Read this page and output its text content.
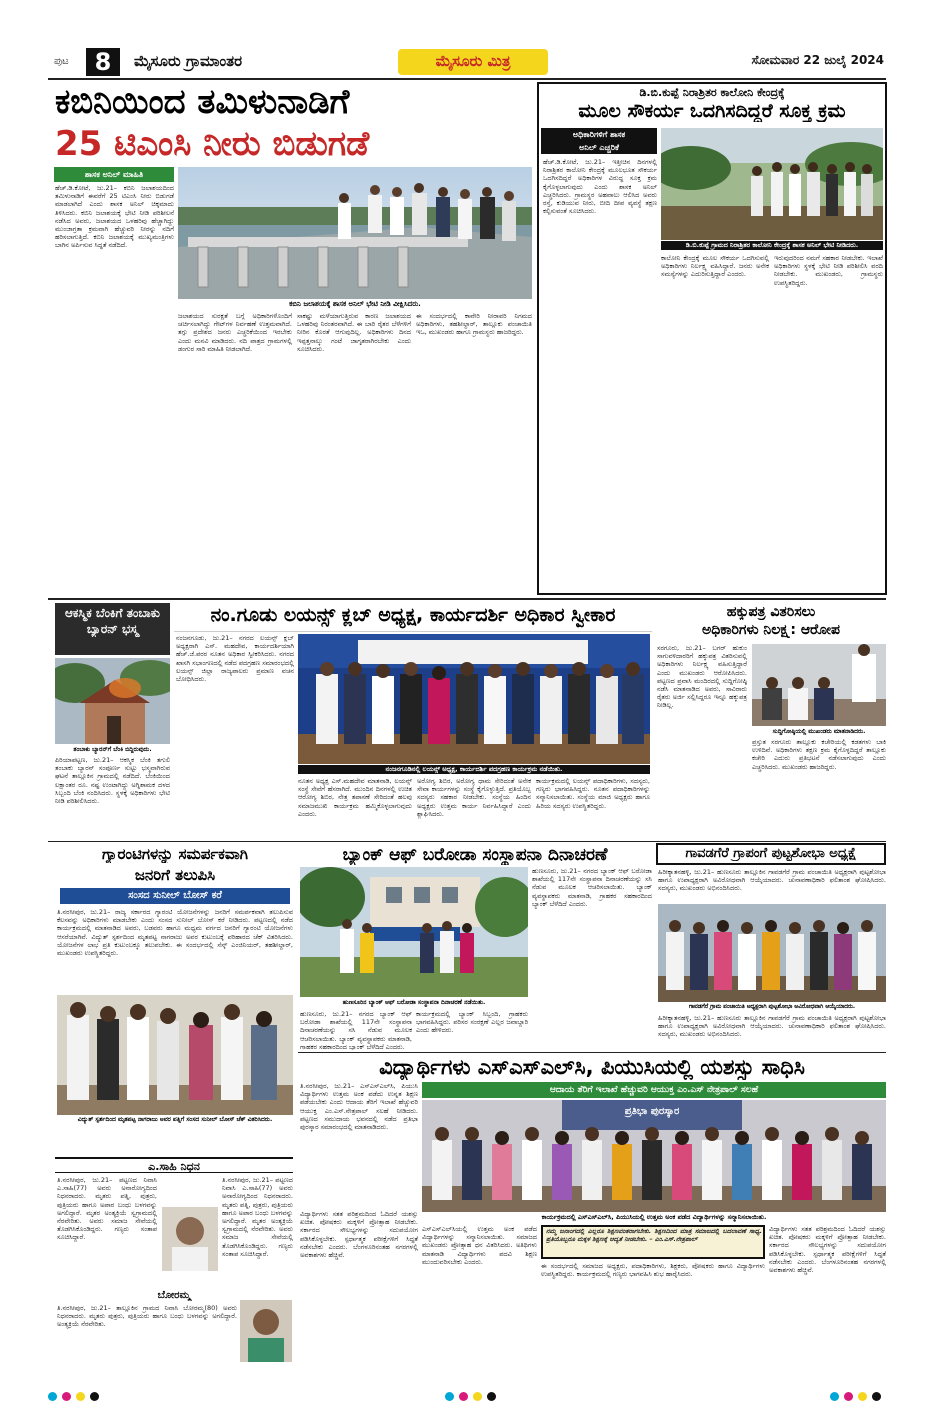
ಪುಟ	8	ಮೈಸೂರು ಗ್ರಾಮಾಂತರ	ಮೈಸೂರು ಮಿತ್ರ	ಸೋಮವಾರ 22 ಜುಲೈ 2024
ಕಬಿನಿಯಿಂದ ತಮಿಳುನಾಡಿಗೆ
25 ಟಿಎಂಸಿ ನೀರು ಬಿಡುಗಡೆ
ಶಾಸಕ ಅನಿಲ್ ಮಾಹಿತಿ
ಹೆಚ್.ಡಿ.ಕೋಟೆ, ಜು.21– ಕಬಿನಿ ಜಲಾಶಯದಿಂದ ತಮಿಳುನಾಡಿಗೆ ಈವರೆಗೆ 25 ಟಿಎಂಸಿ ನೀರು ಬಿಡುಗಡೆ ಮಾಡಲಾಗಿದೆ ಎಂದು ಶಾಸಕ ಅನಿಲ್ ಚಿಕ್ಕಮಾದು ತಿಳಿಸಿದರು. ಕಬಿನಿ ಜಲಾಶಯಕ್ಕೆ ಭೇಟಿ ನೀಡಿ ಪರಿಶೀಲನೆ ನಡೆಸಿದ ಅವರು, ಜಲಾಶಯದ ಒಳಹರಿವು ಹೆಚ್ಚಾಗಿದ್ದು ಮುಂಜಾಗ್ರತಾ ಕ್ರಮವಾಗಿ ಹೆಚ್ಚುವರಿ ನೀರನ್ನು ನದಿಗೆ ಹರಿಸಲಾಗುತ್ತಿದೆ. ಕಬಿನಿ ಜಲಾಶಯಕ್ಕೆ ಮುಖ್ಯಮಂತ್ರಿಗಳು ಬಾಗಿನ ಅರ್ಪಿಸುವ ಸಿದ್ಧತೆ ನಡೆದಿದೆ.
ಕಬಿನಿ ಜಲಾಶಯಕ್ಕೆ ಶಾಸಕ ಅನಿಲ್ ಭೇಟಿ ನೀಡಿ ವೀಕ್ಷಿಸಿದರು.
ಜಲಾಶಯದ ಸುರಕ್ಷತೆ ಬಗ್ಗೆ ಅಧಿಕಾರಿಗಳೊಂದಿಗೆ ಚರ್ಚಿಸಲಾಗಿದ್ದು ಗೇಟ್‌ಗಳ ನಿರ್ವಹಣೆ ಉತ್ತಮವಾಗಿದೆ. ತಗ್ಗು ಪ್ರದೇಶದ ಜನರು ಎಚ್ಚರಿಕೆಯಿಂದ ಇರಬೇಕು ಎಂದು ಮನವಿ ಮಾಡಿದರು. ನದಿ ಪಾತ್ರದ ಗ್ರಾಮಗಳಲ್ಲಿ ಡಂಗುರ ಸಾರಿ ಮಾಹಿತಿ ನೀಡಲಾಗಿದೆ.
ಸಾಕಷ್ಟು ಮಳೆಯಾಗುತ್ತಿರುವ ಕಾರಣ ಜಲಾಶಯದ ಒಳಹರಿವು ನಿರಂತರವಾಗಿದೆ. ಈ ಬಾರಿ ರೈತರ ಬೆಳೆಗಳಿಗೆ ನೀರಿನ ಕೊರತೆ ಆಗುವುದಿಲ್ಲ. ಅಧಿಕಾರಿಗಳು ದಿನದ ಇಪ್ಪತ್ತನಾಲ್ಕು ಗಂಟೆ ಜಾಗೃತರಾಗಿರಬೇಕು ಎಂದು ಸೂಚಿಸಿದರು.
ಈ ಸಂದರ್ಭದಲ್ಲಿ ಕಾವೇರಿ ನೀರಾವರಿ ನಿಗಮದ ಅಧಿಕಾರಿಗಳು, ತಹಶೀಲ್ದಾರ್, ತಾಲ್ಲೂಕು ಪಂಚಾಯಿತಿ ಇಒ, ಮುಖಂಡರು ಹಾಗೂ ಗ್ರಾಮಸ್ಥರು ಹಾಜರಿದ್ದರು.
ಡಿ.ಬಿ.ಕುಪ್ಪೆ ನಿರಾಶ್ರಿತರ ಕಾಲೋನಿ ಕೇಂದ್ರಕ್ಕೆ
ಮೂಲ ಸೌಕರ್ಯ ಒದಗಿಸದಿದ್ದರೆ ಸೂಕ್ತ ಕ್ರಮ
ಅಧಿಕಾರಿಗಳಿಗೆ ಶಾಸಕ
ಅನಿಲ್ ಎಚ್ಚರಿಕೆ
ಹೆಚ್.ಡಿ.ಕೋಟೆ, ಜು.21– ಇತ್ತೀಚಿನ ದಿನಗಳಲ್ಲಿ ನಿರಾಶ್ರಿತರ ಕಾಲೋನಿ ಕೇಂದ್ರಕ್ಕೆ ಮೂಲಭೂತ ಸೌಕರ್ಯ ಒದಗಿಸದಿದ್ದರೆ ಅಧಿಕಾರಿಗಳ ವಿರುದ್ಧ ಸೂಕ್ತ ಕ್ರಮ ಕೈಗೊಳ್ಳಲಾಗುವುದು ಎಂದು ಶಾಸಕ ಅನಿಲ್ ಎಚ್ಚರಿಸಿದರು. ಗ್ರಾಮಸ್ಥರ ಅಹವಾಲು ಆಲಿಸಿದ ಅವರು ರಸ್ತೆ, ಕುಡಿಯುವ ನೀರು, ಬೀದಿ ದೀಪ ವ್ಯವಸ್ಥೆ ತಕ್ಷಣ ಕಲ್ಪಿಸುವಂತೆ ಸೂಚಿಸಿದರು.
ಡಿ.ಬಿ.ಕುಪ್ಪೆ ಗ್ರಾಮದ ನಿರಾಶ್ರಿತರ ಕಾಲೋನಿ ಕೇಂದ್ರಕ್ಕೆ ಶಾಸಕ ಅನಿಲ್ ಭೇಟಿ ನೀಡಿದರು.
ಕಾಲೋನಿ ಕೇಂದ್ರಕ್ಕೆ ಮೂಲ ಸೌಕರ್ಯ ಒದಗಿಸುವಲ್ಲಿ ಅಧಿಕಾರಿಗಳು ನಿರ್ಲಕ್ಷ್ಯ ವಹಿಸಿದ್ದಾರೆ. ಜನರು ಅನೇಕ ಸಮಸ್ಯೆಗಳನ್ನು ಎದುರಿಸುತ್ತಿದ್ದಾರೆ ಎಂದರು.
ಇರುವುದರಿಂದ ನಮಗೆ ಸಹಕಾರ ನೀಡಬೇಕು. ಇಲಾಖೆ ಅಧಿಕಾರಿಗಳು ಸ್ಥಳಕ್ಕೆ ಭೇಟಿ ನೀಡಿ ಪರಿಶೀಲಿಸಿ ವರದಿ ನೀಡಬೇಕು. ಮುಖಂಡರು, ಗ್ರಾಮಸ್ಥರು ಉಪಸ್ಥಿತರಿದ್ದರು.
ಆಕಸ್ಮಿಕ ಬೆಂಕಿಗೆ ತಂಬಾಕು ಬ್ಯಾರನ್ ಭಸ್ಮ
ತಂಬಾಕು ಬ್ಯಾರನ್‌ಗೆ ಬೆಂಕಿ ಬಿದ್ದಿರುವುದು.
ಪಿರಿಯಾಪಟ್ಟಣ, ಜು.21– ಆಕಸ್ಮಿಕ ಬೆಂಕಿ ತಗುಲಿ ತಂಬಾಕು ಬ್ಯಾರನ್ ಸಂಪೂರ್ಣ ಸುಟ್ಟು ಭಸ್ಮವಾಗಿರುವ ಘಟನೆ ತಾಲ್ಲೂಕಿನ ಗ್ರಾಮದಲ್ಲಿ ನಡೆದಿದೆ. ಬೆಂಕಿಯಿಂದ ಲಕ್ಷಾಂತರ ರೂ. ನಷ್ಟ ಉಂಟಾಗಿದ್ದು ಅಗ್ನಿಶಾಮಕ ದಳದ ಸಿಬ್ಬಂದಿ ಬೆಂಕಿ ನಂದಿಸಿದರು. ಸ್ಥಳಕ್ಕೆ ಅಧಿಕಾರಿಗಳು ಭೇಟಿ ನೀಡಿ ಪರಿಶೀಲಿಸಿದರು.
ನಂ.ಗೂಡು ಲಯನ್ಸ್ ಕ್ಲಬ್ ಅಧ್ಯಕ್ಷ, ಕಾರ್ಯದರ್ಶಿ ಅಧಿಕಾರ ಸ್ವೀಕಾರ
ನಂಜನಗೂಡು, ಜು.21– ನಗರದ ಲಯನ್ಸ್ ಕ್ಲಬ್ ಅಧ್ಯಕ್ಷರಾಗಿ ಎಸ್. ಮಹದೇವ, ಕಾರ್ಯದರ್ಶಿಯಾಗಿ ಹೆಚ್.ಜೆ.ಪರರ ನೂತನ ಅಧಿಕಾರ ಸ್ವೀಕರಿಸಿದರು. ನಗರದ ಖಾಸಗಿ ಸಭಾಂಗಣದಲ್ಲಿ ನಡೆದ ಪದಗ್ರಹಣ ಸಮಾರಂಭದಲ್ಲಿ ಲಯನ್ಸ್ ಜಿಲ್ಲಾ ರಾಜ್ಯಪಾಲರು ಪ್ರಮಾಣ ವಚನ ಬೋಧಿಸಿದರು.
ನಂಜನಗೂಡಿನಲ್ಲಿ ಲಯನ್ಸ್ ಅಧ್ಯಕ್ಷ, ಕಾರ್ಯದರ್ಶಿ ಪದಗ್ರಹಣ ಕಾರ್ಯಕ್ರಮ ನಡೆಯಿತು.
ನೂತನ ಅಧ್ಯಕ್ಷ ಎಸ್.ಮಹದೇವ ಮಾತನಾಡಿ, ಲಯನ್ಸ್ ಸಂಸ್ಥೆ ಸೇವೆಗೆ ಹೆಸರಾಗಿದೆ. ಮುಂದಿನ ದಿನಗಳಲ್ಲಿ ಉಚಿತ ಆರೋಗ್ಯ ಶಿಬಿರ, ನೇತ್ರ ತಪಾಸಣೆ ಸೇರಿದಂತೆ ಹಲವು ಸಮಾಜಮುಖಿ ಕಾರ್ಯಕ್ರಮ ಹಮ್ಮಿಕೊಳ್ಳಲಾಗುವುದು ಎಂದರು.
ಅರೋಗ್ಯ ಶಿಬಿರ, ಅರೋಗ್ಯ ಧಾಮ ಸೇರಿದಂತೆ ಅನೇಕ ಸೇವಾ ಕಾರ್ಯಗಳನ್ನು ಸಂಸ್ಥೆ ಕೈಗೊಳ್ಳುತ್ತಿದೆ. ಪ್ರತಿಯೊಬ್ಬ ಸದಸ್ಯರು ಸಹಕಾರ ನೀಡಬೇಕು. ಸಂಸ್ಥೆಯ ಹಿಂದಿನ ಅಧ್ಯಕ್ಷರು ಉತ್ತಮ ಕಾರ್ಯ ನಿರ್ವಹಿಸಿದ್ದಾರೆ ಎಂದು ಶ್ಲಾಘಿಸಿದರು.
ಕಾರ್ಯಕ್ರಮದಲ್ಲಿ ಲಯನ್ಸ್ ಪದಾಧಿಕಾರಿಗಳು, ಸದಸ್ಯರು, ಗಣ್ಯರು ಭಾಗವಹಿಸಿದ್ದರು. ನೂತನ ಪದಾಧಿಕಾರಿಗಳನ್ನು ಸನ್ಮಾನಿಸಲಾಯಿತು. ಸಂಸ್ಥೆಯ ಮಾಜಿ ಅಧ್ಯಕ್ಷರು ಹಾಗೂ ಹಿರಿಯ ಸದಸ್ಯರು ಉಪಸ್ಥಿತರಿದ್ದರು.
ಹಕ್ಕುಪತ್ರ ವಿತರಿಸಲು
ಅಧಿಕಾರಿಗಳು ನಿಲಕ್ಷ್ಯ: ಆರೋಪ
ಸರಗೂರು, ಜು.21– ಬಗರ್ ಹುಕುಂ ಸಾಗುವಳಿದಾರರಿಗೆ ಹಕ್ಕುಪತ್ರ ವಿತರಿಸುವಲ್ಲಿ ಅಧಿಕಾರಿಗಳು ನಿರ್ಲಕ್ಷ್ಯ ವಹಿಸುತ್ತಿದ್ದಾರೆ ಎಂದು ಮುಖಂಡರು ಆರೋಪಿಸಿದರು. ಪಟ್ಟಣದ ಪ್ರವಾಸಿ ಮಂದಿರದಲ್ಲಿ ಸುದ್ದಿಗೋಷ್ಠಿ ನಡೆಸಿ ಮಾತನಾಡಿದ ಅವರು, ಸಾವಿರಾರು ರೈತರು ಅರ್ಜಿ ಸಲ್ಲಿಸಿದ್ದರೂ ಇನ್ನೂ ಹಕ್ಕುಪತ್ರ ನೀಡಿಲ್ಲ.
ಸುದ್ದಿಗೋಷ್ಠಿಯಲ್ಲಿ ಮುಖಂಡರು ಮಾತನಾಡಿದರು.
ಪ್ರಸ್ತುತ ಸರಗೂರು ತಾಲ್ಲೂಕು ಕಚೇರಿಯಲ್ಲಿ ಕಡತಗಳು ಬಾಕಿ ಉಳಿದಿವೆ. ಅಧಿಕಾರಿಗಳು ತಕ್ಷಣ ಕ್ರಮ ಕೈಗೊಳ್ಳದಿದ್ದರೆ ತಾಲ್ಲೂಕು ಕಚೇರಿ ಎದುರು ಪ್ರತಿಭಟನೆ ನಡೆಸಲಾಗುವುದು ಎಂದು ಎಚ್ಚರಿಸಿದರು. ಮುಖಂಡರು ಹಾಜರಿದ್ದರು.
ಗ್ಯಾರಂಟಿಗಳನ್ನು ಸಮರ್ಪಕವಾಗಿ
ಜನರಿಗೆ ತಲುಪಿಸಿ
ಸಂಸದ ಸುನೀಲ್ ಬೋಸ್ ಕರೆ
ತಿ.ನರಸೀಪುರ, ಜು.21– ರಾಜ್ಯ ಸರ್ಕಾರದ ಗ್ಯಾರಂಟಿ ಯೋಜನೆಗಳನ್ನು ಜನರಿಗೆ ಸಮರ್ಪಕವಾಗಿ ತಲುಪಿಸುವ ಕೆಲಸವನ್ನು ಅಧಿಕಾರಿಗಳು ಮಾಡಬೇಕು ಎಂದು ಸಂಸದ ಸುನೀಲ್ ಬೋಸ್ ಕರೆ ನೀಡಿದರು. ಪಟ್ಟಣದಲ್ಲಿ ನಡೆದ ಕಾರ್ಯಕ್ರಮದಲ್ಲಿ ಮಾತನಾಡಿದ ಅವರು, ಬಡವರು ಹಾಗೂ ಮಧ್ಯಮ ವರ್ಗದ ಜನರಿಗೆ ಗ್ಯಾರಂಟಿ ಯೋಜನೆಗಳು ಆಸರೆಯಾಗಿವೆ. ವಿದ್ಯುತ್ ಸ್ಪರ್ಶದಿಂದ ಮೃತಪಟ್ಟ ನಾಗರಾಜು ಅವರ ಕುಟುಂಬಕ್ಕೆ ಪರಿಹಾರದ ಚೆಕ್ ವಿತರಿಸಿದರು. ಯೋಜನೆಗಳ ಲಾಭ ಪ್ರತಿ ಕುಟುಂಬಕ್ಕೂ ತಲುಪಬೇಕು. ಈ ಸಂದರ್ಭದಲ್ಲಿ ಸೆಸ್ಕ್ ಎಂಜಿನಿಯರ್, ತಹಶೀಲ್ದಾರ್, ಮುಖಂಡರು ಉಪಸ್ಥಿತರಿದ್ದರು.
ವಿದ್ಯುತ್ ಸ್ಪರ್ಶದಿಂದ ಮೃತಪಟ್ಟ ನಾಗರಾಜು ಅವರ ಪತ್ನಿಗೆ ಸಂಸದ ಸುನೀಲ್ ಬೋಸ್ ಚೆಕ್ ವಿತರಿಸಿದರು.
ಬ್ಯಾಂಕ್ ಆಫ್ ಬರೋಡಾ ಸಂಸ್ಥಾಪನಾ ದಿನಾಚರಣೆ
ಹುಣಸೂರಿನ ಬ್ಯಾಂಕ್ ಆಫ್ ಬರೋಡಾ ಸಂಸ್ಥಾಪನಾ ದಿನಾಚರಣೆ ನಡೆಯಿತು.
ಹುಣಸೂರು, ಜು.21– ನಗರದ ಬ್ಯಾಂಕ್ ಆಫ್ ಬರೋಡಾ ಶಾಖೆಯಲ್ಲಿ 117ನೇ ಸಂಸ್ಥಾಪನಾ ದಿನಾಚರಣೆಯನ್ನು ಸಸಿ ನೆಡುವ ಮೂಲಕ ಆಚರಿಸಲಾಯಿತು. ಬ್ಯಾಂಕ್ ವ್ಯವಸ್ಥಾಪಕರು ಮಾತನಾಡಿ, ಗ್ರಾಹಕರ ಸಹಕಾರದಿಂದ ಬ್ಯಾಂಕ್ ಬೆಳೆದಿದೆ ಎಂದರು.
ಕಾರ್ಯಕ್ರಮದಲ್ಲಿ ಬ್ಯಾಂಕ್ ಸಿಬ್ಬಂದಿ, ಗ್ರಾಹಕರು ಭಾಗವಹಿಸಿದ್ದರು. ಪರಿಸರ ಸಂರಕ್ಷಣೆ ಎಲ್ಲರ ಜವಾಬ್ದಾರಿ ಎಂದು ಹೇಳಿದರು.
ಹುಣಸೂರು, ಜು.21– ನಗರದ ಬ್ಯಾಂಕ್ ಆಫ್ ಬರೋಡಾ ಶಾಖೆಯಲ್ಲಿ 117ನೇ ಸಂಸ್ಥಾಪನಾ ದಿನಾಚರಣೆಯನ್ನು ಸಸಿ ನೆಡುವ ಮೂಲಕ ಆಚರಿಸಲಾಯಿತು. ಬ್ಯಾಂಕ್ ವ್ಯವಸ್ಥಾಪಕರು ಮಾತನಾಡಿ, ಗ್ರಾಹಕರ ಸಹಕಾರದಿಂದ ಬ್ಯಾಂಕ್ ಬೆಳೆದಿದೆ ಎಂದರು.
ಗಾವಡಗೆರೆ ಗ್ರಾಪಂಗೆ ಪುಟ್ಟಶೋಭಾ ಅಧ್ಯಕ್ಷೆ
ಹಿರೀಕ್ಯಾತನಹಳ್ಳಿ, ಜು.21– ಹುಣಸೂರು ತಾಲ್ಲೂಕಿನ ಗಾವಡಗೆರೆ ಗ್ರಾಮ ಪಂಚಾಯಿತಿ ಅಧ್ಯಕ್ಷರಾಗಿ ಪುಟ್ಟಶೋಭಾ ಹಾಗೂ ಉಪಾಧ್ಯಕ್ಷರಾಗಿ ಅವಿರೋಧವಾಗಿ ಆಯ್ಕೆಯಾದರು. ಚುನಾವಣಾಧಿಕಾರಿ ಫಲಿತಾಂಶ ಘೋಷಿಸಿದರು. ಸದಸ್ಯರು, ಮುಖಂಡರು ಅಭಿನಂದಿಸಿದರು.
ಗಾವಡಗೆರೆ ಗ್ರಾಮ ಪಂಚಾಯಿತಿ ಅಧ್ಯಕ್ಷರಾಗಿ ಪುಟ್ಟಶೋಭಾ ಅವಿರೋಧವಾಗಿ ಆಯ್ಕೆಯಾದರು.
ಹಿರೀಕ್ಯಾತನಹಳ್ಳಿ, ಜು.21– ಹುಣಸೂರು ತಾಲ್ಲೂಕಿನ ಗಾವಡಗೆರೆ ಗ್ರಾಮ ಪಂಚಾಯಿತಿ ಅಧ್ಯಕ್ಷರಾಗಿ ಪುಟ್ಟಶೋಭಾ ಹಾಗೂ ಉಪಾಧ್ಯಕ್ಷರಾಗಿ ಅವಿರೋಧವಾಗಿ ಆಯ್ಕೆಯಾದರು. ಚುನಾವಣಾಧಿಕಾರಿ ಫಲಿತಾಂಶ ಘೋಷಿಸಿದರು. ಸದಸ್ಯರು, ಮುಖಂಡರು ಅಭಿನಂದಿಸಿದರು.
ವಿದ್ಯಾರ್ಥಿಗಳು ಎಸ್‌ಎಸ್‌ಎಲ್‌ಸಿ, ಪಿಯುಸಿಯಲ್ಲಿ ಯಶಸ್ಸು ಸಾಧಿಸಿ
ತಿ.ನರಸೀಪುರ, ಜು.21– ಎಸ್‌ಎಸ್‌ಎಲ್‌ಸಿ, ಪಿಯುಸಿ ವಿದ್ಯಾರ್ಥಿಗಳು ಉತ್ತಮ ಅಂಕ ಪಡೆದು ಉನ್ನತ ಶಿಕ್ಷಣ ಪಡೆಯಬೇಕು ಎಂದು ಆದಾಯ ತೆರಿಗೆ ಇಲಾಖೆ ಹೆಚ್ಚುವರಿ ಆಯುಕ್ತ ಎಂ.ಎಸ್.ನೇತ್ರಪಾಲ್ ಸಲಹೆ ನೀಡಿದರು. ಪಟ್ಟಣದ ಸಮುದಾಯ ಭವನದಲ್ಲಿ ನಡೆದ ಪ್ರತಿಭಾ ಪುರಸ್ಕಾರ ಸಮಾರಂಭದಲ್ಲಿ ಮಾತನಾಡಿದರು.
ಆದಾಯ ತೆರಿಗೆ ಇಲಾಖೆ ಹೆಚ್ಚುವರಿ ಆಯುಕ್ತ ಎಂ.ಎಸ್ ನೇತ್ರಪಾಲ್ ಸಲಹೆ
ಪ್ರತಿಭಾ ಪುರಸ್ಕಾರ
ಕಾರ್ಯಕ್ರಮದಲ್ಲಿ ಎಸ್‌ಎಸ್‌ಎಲ್‌ಸಿ, ಪಿಯುಸಿಯಲ್ಲಿ ಉತ್ತಮ ಅಂಕ ಪಡೆದ ವಿದ್ಯಾರ್ಥಿಗಳನ್ನು ಸನ್ಮಾನಿಸಲಾಯಿತು.
ವಿದ್ಯಾರ್ಥಿಗಳು ಸತತ ಪರಿಶ್ರಮದಿಂದ ಓದಿದರೆ ಯಶಸ್ಸು ಖಚಿತ. ಪೋಷಕರು ಮಕ್ಕಳಿಗೆ ಪ್ರೋತ್ಸಾಹ ನೀಡಬೇಕು. ಸರ್ಕಾರದ ಸೌಲಭ್ಯಗಳನ್ನು ಸದುಪಯೋಗ ಪಡಿಸಿಕೊಳ್ಳಬೇಕು. ಸ್ಪರ್ಧಾತ್ಮಕ ಪರೀಕ್ಷೆಗಳಿಗೆ ಸಿದ್ಧತೆ ನಡೆಸಬೇಕು ಎಂದರು. ಬೆಂಗಳೂರಿನಂತಹ ನಗರಗಳಲ್ಲಿ ಅವಕಾಶಗಳು ಹೆಚ್ಚಿವೆ.
ನಮ್ಮ ಜನಾಂಗದಲ್ಲಿ ಎಲ್ಲರೂ ಶಿಕ್ಷಣವಂತರಾಗಬೇಕು. ಶಿಕ್ಷಣದಿಂದ ಮಾತ್ರ ಸಮಾಜದಲ್ಲಿ ಬದಲಾವಣೆ ಸಾಧ್ಯ. ಪ್ರತಿಯೊಬ್ಬರೂ ಮಕ್ಕಳ ಶಿಕ್ಷಣಕ್ಕೆ ಆದ್ಯತೆ ನೀಡಬೇಕು. – ಎಂ.ಎಸ್.ನೇತ್ರಪಾಲ್
ಎಸ್‌ಎಸ್‌ಎಲ್‌ಸಿಯಲ್ಲಿ ಉತ್ತಮ ಅಂಕ ಪಡೆದ ವಿದ್ಯಾರ್ಥಿಗಳನ್ನು ಸನ್ಮಾನಿಸಲಾಯಿತು. ಸಮಾಜದ ಮುಖಂಡರು ಪ್ರೋತ್ಸಾಹ ಧನ ವಿತರಿಸಿದರು. ಅತಿಥಿಗಳು ಮಾತನಾಡಿ ವಿದ್ಯಾರ್ಥಿಗಳು ಪದವಿ ಶಿಕ್ಷಣ ಮುಂದುವರಿಸಬೇಕು ಎಂದರು.
ಈ ಸಂದರ್ಭದಲ್ಲಿ ಸಮಾಜದ ಅಧ್ಯಕ್ಷರು, ಪದಾಧಿಕಾರಿಗಳು, ಶಿಕ್ಷಕರು, ಪೋಷಕರು ಹಾಗೂ ವಿದ್ಯಾರ್ಥಿಗಳು ಉಪಸ್ಥಿತರಿದ್ದರು. ಕಾರ್ಯಕ್ರಮದಲ್ಲಿ ಗಣ್ಯರು ಭಾಗವಹಿಸಿ ಶುಭ ಹಾರೈಸಿದರು.
ವಿದ್ಯಾರ್ಥಿಗಳು ಸತತ ಪರಿಶ್ರಮದಿಂದ ಓದಿದರೆ ಯಶಸ್ಸು ಖಚಿತ. ಪೋಷಕರು ಮಕ್ಕಳಿಗೆ ಪ್ರೋತ್ಸಾಹ ನೀಡಬೇಕು. ಸರ್ಕಾರದ ಸೌಲಭ್ಯಗಳನ್ನು ಸದುಪಯೋಗ ಪಡಿಸಿಕೊಳ್ಳಬೇಕು. ಸ್ಪರ್ಧಾತ್ಮಕ ಪರೀಕ್ಷೆಗಳಿಗೆ ಸಿದ್ಧತೆ ನಡೆಸಬೇಕು ಎಂದರು. ಬೆಂಗಳೂರಿನಂತಹ ನಗರಗಳಲ್ಲಿ ಅವಕಾಶಗಳು ಹೆಚ್ಚಿವೆ.
ಎ.ಸಾಹಿ ನಿಧನ
ತಿ.ನರಸೀಪುರ, ಜು.21– ಪಟ್ಟಣದ ನಿವಾಸಿ ಎ.ಸಾಹಿ(77) ಅವರು ಅನಾರೋಗ್ಯದಿಂದ ನಿಧನರಾದರು. ಮೃತರು ಪತ್ನಿ, ಪುತ್ರರು, ಪುತ್ರಿಯರು ಹಾಗೂ ಅಪಾರ ಬಂಧು ಬಳಗವನ್ನು ಅಗಲಿದ್ದಾರೆ. ಮೃತರ ಅಂತ್ಯಕ್ರಿಯೆ ಸ್ವಗ್ರಾಮದಲ್ಲಿ ನೆರವೇರಿತು. ಅವರು ಸಮಾಜ ಸೇವೆಯಲ್ಲಿ ತೊಡಗಿಸಿಕೊಂಡಿದ್ದರು. ಗಣ್ಯರು ಸಂತಾಪ ಸೂಚಿಸಿದ್ದಾರೆ.
ತಿ.ನರಸೀಪುರ, ಜು.21– ಪಟ್ಟಣದ ನಿವಾಸಿ ಎ.ಸಾಹಿ(77) ಅವರು ಅನಾರೋಗ್ಯದಿಂದ ನಿಧನರಾದರು. ಮೃತರು ಪತ್ನಿ, ಪುತ್ರರು, ಪುತ್ರಿಯರು ಹಾಗೂ ಅಪಾರ ಬಂಧು ಬಳಗವನ್ನು ಅಗಲಿದ್ದಾರೆ. ಮೃತರ ಅಂತ್ಯಕ್ರಿಯೆ ಸ್ವಗ್ರಾಮದಲ್ಲಿ ನೆರವೇರಿತು. ಅವರು ಸಮಾಜ ಸೇವೆಯಲ್ಲಿ ತೊಡಗಿಸಿಕೊಂಡಿದ್ದರು. ಗಣ್ಯರು ಸಂತಾಪ ಸೂಚಿಸಿದ್ದಾರೆ.
ಬೋರಮ್ಮ
ತಿ.ನರಸೀಪುರ, ಜು.21– ತಾಲ್ಲೂಕಿನ ಗ್ರಾಮದ ನಿವಾಸಿ ಬೋರಮ್ಮ(80) ಅವರು ನಿಧನರಾದರು. ಮೃತರು ಪುತ್ರರು, ಪುತ್ರಿಯರು ಹಾಗೂ ಬಂಧು ಬಳಗವನ್ನು ಅಗಲಿದ್ದಾರೆ. ಅಂತ್ಯಕ್ರಿಯೆ ನೆರವೇರಿತು.
